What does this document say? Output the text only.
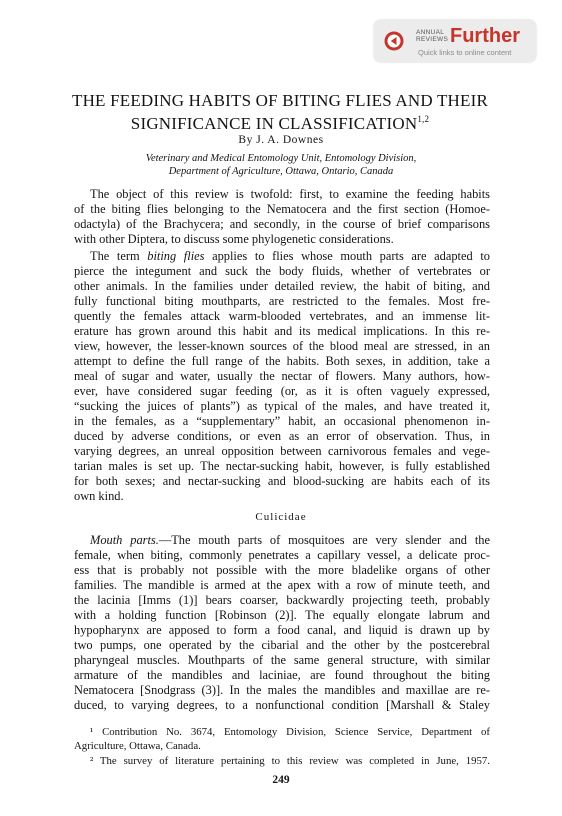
ANNUAL
REVIEWS Further
Quick links to online content
THE FEEDING HABITS OF BITING FLIES AND THEIR
SIGNIFICANCE IN CLASSIFICATION$^{1,2}$
By J. A. Downes
Veterinary and Medical Entomology Unit, Entomology Division,
Department of Agriculture, Ottawa, Ontario, Canada
The object of this review is twofold: first, to examine the feeding habits
of the biting flies belonging to the Nematocera and the first section (Homoe-
odactyla) of the Brachycera; and secondly, in the course of brief comparisons
with other Diptera, to discuss some phylogenetic considerations.
The term biting flies applies to flies whose mouth parts are adapted to
pierce the integument and suck the body fluids, whether of vertebrates or
other animals. In the families under detailed review, the habit of biting, and
fully functional biting mouthparts, are restricted to the females. Most fre-
quently the females attack warm-blooded vertebrates, and an immense lit-
erature has grown around this habit and its medical implications. In this re-
view, however, the lesser-known sources of the blood meal are stressed, in an
attempt to define the full range of the habits. Both sexes, in addition, take a
meal of sugar and water, usually the nectar of flowers. Many authors, how-
ever, have considered sugar feeding (or, as it is often vaguely expressed,
“sucking the juices of plants”) as typical of the males, and have treated it,
in the females, as a “supplementary” habit, an occasional phenomenon in-
duced by adverse conditions, or even as an error of observation. Thus, in
varying degrees, an unreal opposition between carnivorous females and vege-
tarian males is set up. The nectar-sucking habit, however, is fully established
for both sexes; and nectar-sucking and blood-sucking are habits each of its
own kind.
Culicidae
Mouth parts.—The mouth parts of mosquitoes are very slender and the
female, when biting, commonly penetrates a capillary vessel, a delicate proc-
ess that is probably not possible with the more bladelike organs of other
families. The mandible is armed at the apex with a row of minute teeth, and
the lacinia [Imms (1)] bears coarser, backwardly projecting teeth, probably
with a holding function [Robinson (2)]. The equally elongate labrum and
hypopharynx are apposed to form a food canal, and liquid is drawn up by
two pumps, one operated by the cibarial and the other by the postcerebral
pharyngeal muscles. Mouthparts of the same general structure, with similar
armature of the mandibles and laciniae, are found throughout the biting
Nematocera [Snodgrass (3)]. In the males the mandibles and maxillae are re-
duced, to varying degrees, to a nonfunctional condition [Marshall & Staley
¹ Contribution No. 3674, Entomology Division, Science Service, Department of
Agriculture, Ottawa, Canada.
² The survey of literature pertaining to this review was completed in June, 1957.
249
